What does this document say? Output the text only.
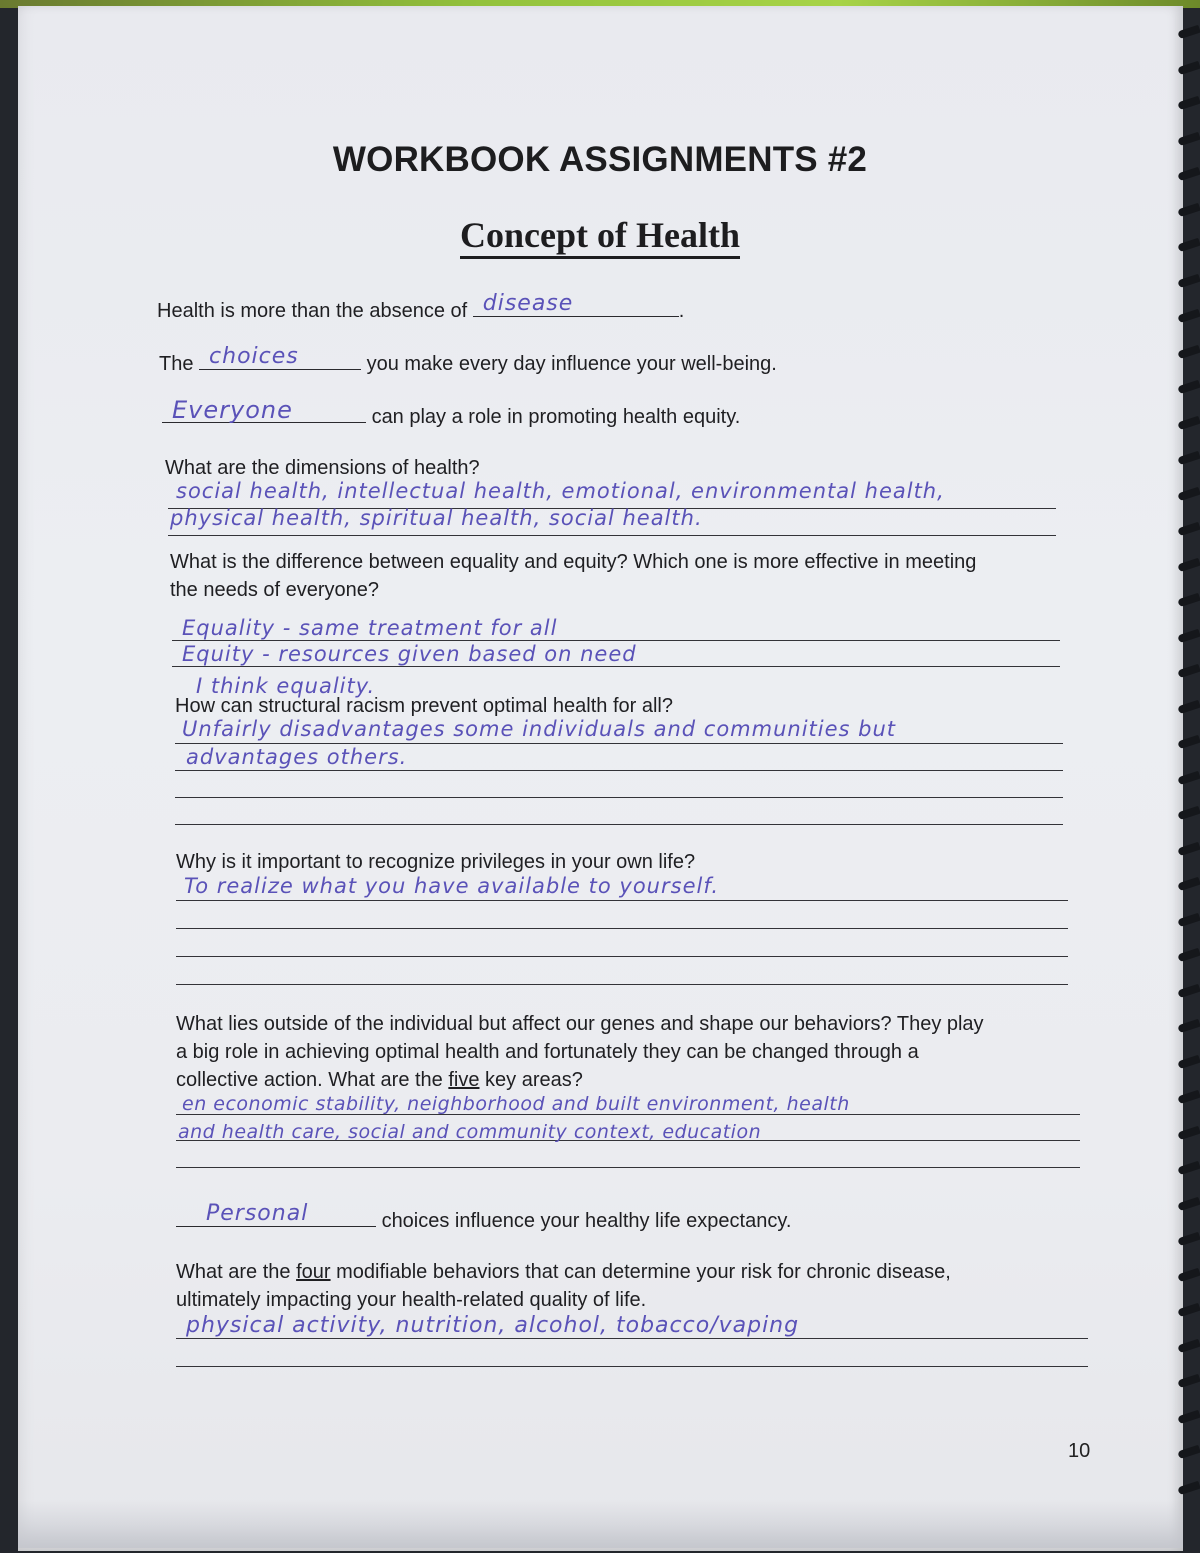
WORKBOOK ASSIGNMENTS #2
Concept of Health
Health is more than the absence of disease	.
The choices	you make every day influence your well-being.
Everyone	can play a role in promoting health equity.
What are the dimensions of health?
social health, intellectual health, emotional, environmental health,
physical health, spiritual health, social health.
What is the difference between equality and equity? Which one is more effective in meeting
the needs of everyone?
Equality - same treatment for all
Equity - resources given based on need
I think equality.
How can structural racism prevent optimal health for all?
Unfairly disadvantages some individuals and communities but
advantages others.
Why is it important to recognize privileges in your own life?
To realize what you have available to yourself.
What lies outside of the individual but affect our genes and shape our behaviors? They play
a big role in achieving optimal health and fortunately they can be changed through a
collective action. What are the five key areas?
en economic stability, neighborhood and built environment, health
and health care, social and community context, education
Personal	choices influence your healthy life expectancy.
What are the four modifiable behaviors that can determine your risk for chronic disease,
ultimately impacting your health-related quality of life.
physical activity, nutrition, alcohol, tobacco/vaping
10
